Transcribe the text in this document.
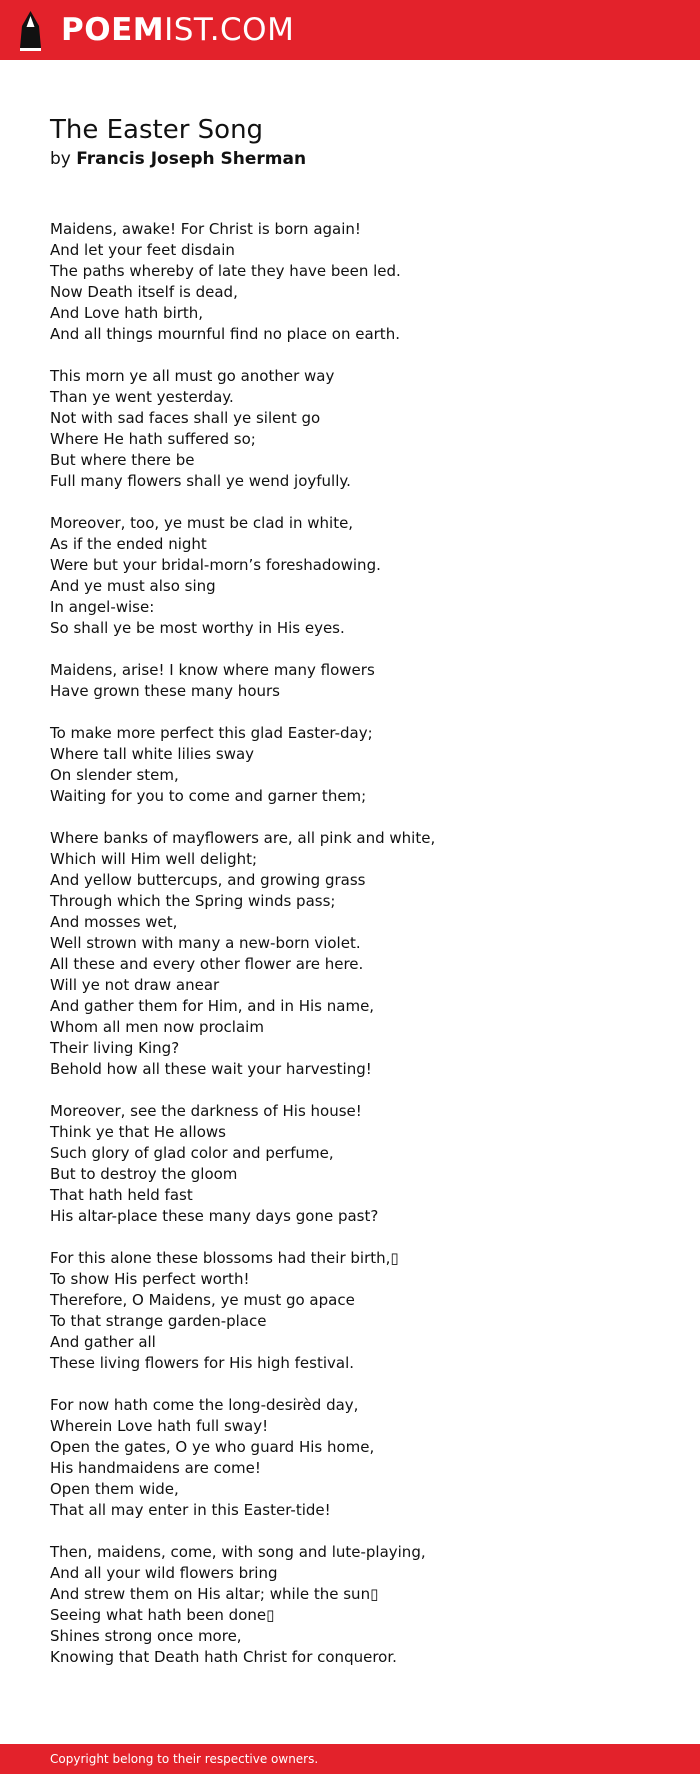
POEMIST.COM
The Easter Song
by Francis Joseph Sherman
Maidens, awake! For Christ is born again!
And let your feet disdain
The paths whereby of late they have been led.
Now Death itself is dead,
And Love hath birth,
And all things mournful find no place on earth.
This morn ye all must go another way
Than ye went yesterday.
Not with sad faces shall ye silent go
Where He hath suffered so;
But where there be
Full many flowers shall ye wend joyfully.
Moreover, too, ye must be clad in white,
As if the ended night
Were but your bridal-morn’s foreshadowing.
And ye must also sing
In angel-wise:
So shall ye be most worthy in His eyes.
Maidens, arise! I know where many flowers
Have grown these many hours
To make more perfect this glad Easter-day;
Where tall white lilies sway
On slender stem,
Waiting for you to come and garner them;
Where banks of mayflowers are, all pink and white,
Which will Him well delight;
And yellow buttercups, and growing grass
Through which the Spring winds pass;
And mosses wet,
Well strown with many a new-born violet.
All these and every other flower are here.
Will ye not draw anear
And gather them for Him, and in His name,
Whom all men now proclaim
Their living King?
Behold how all these wait your harvesting!
Moreover, see the darkness of His house!
Think ye that He allows
Such glory of glad color and perfume,
But to destroy the gloom
That hath held fast
His altar-place these many days gone past?
For this alone these blossoms had their birth,▯
To show His perfect worth!
Therefore, O Maidens, ye must go apace
To that strange garden-place
And gather all
These living flowers for His high festival.
For now hath come the long-desirèd day,
Wherein Love hath full sway!
Open the gates, O ye who guard His home,
His handmaidens are come!
Open them wide,
That all may enter in this Easter-tide!
Then, maidens, come, with song and lute-playing,
And all your wild flowers bring
And strew them on His altar; while the sun▯
Seeing what hath been done▯
Shines strong once more,
Knowing that Death hath Christ for conqueror.
Copyright belong to their respective owners.
